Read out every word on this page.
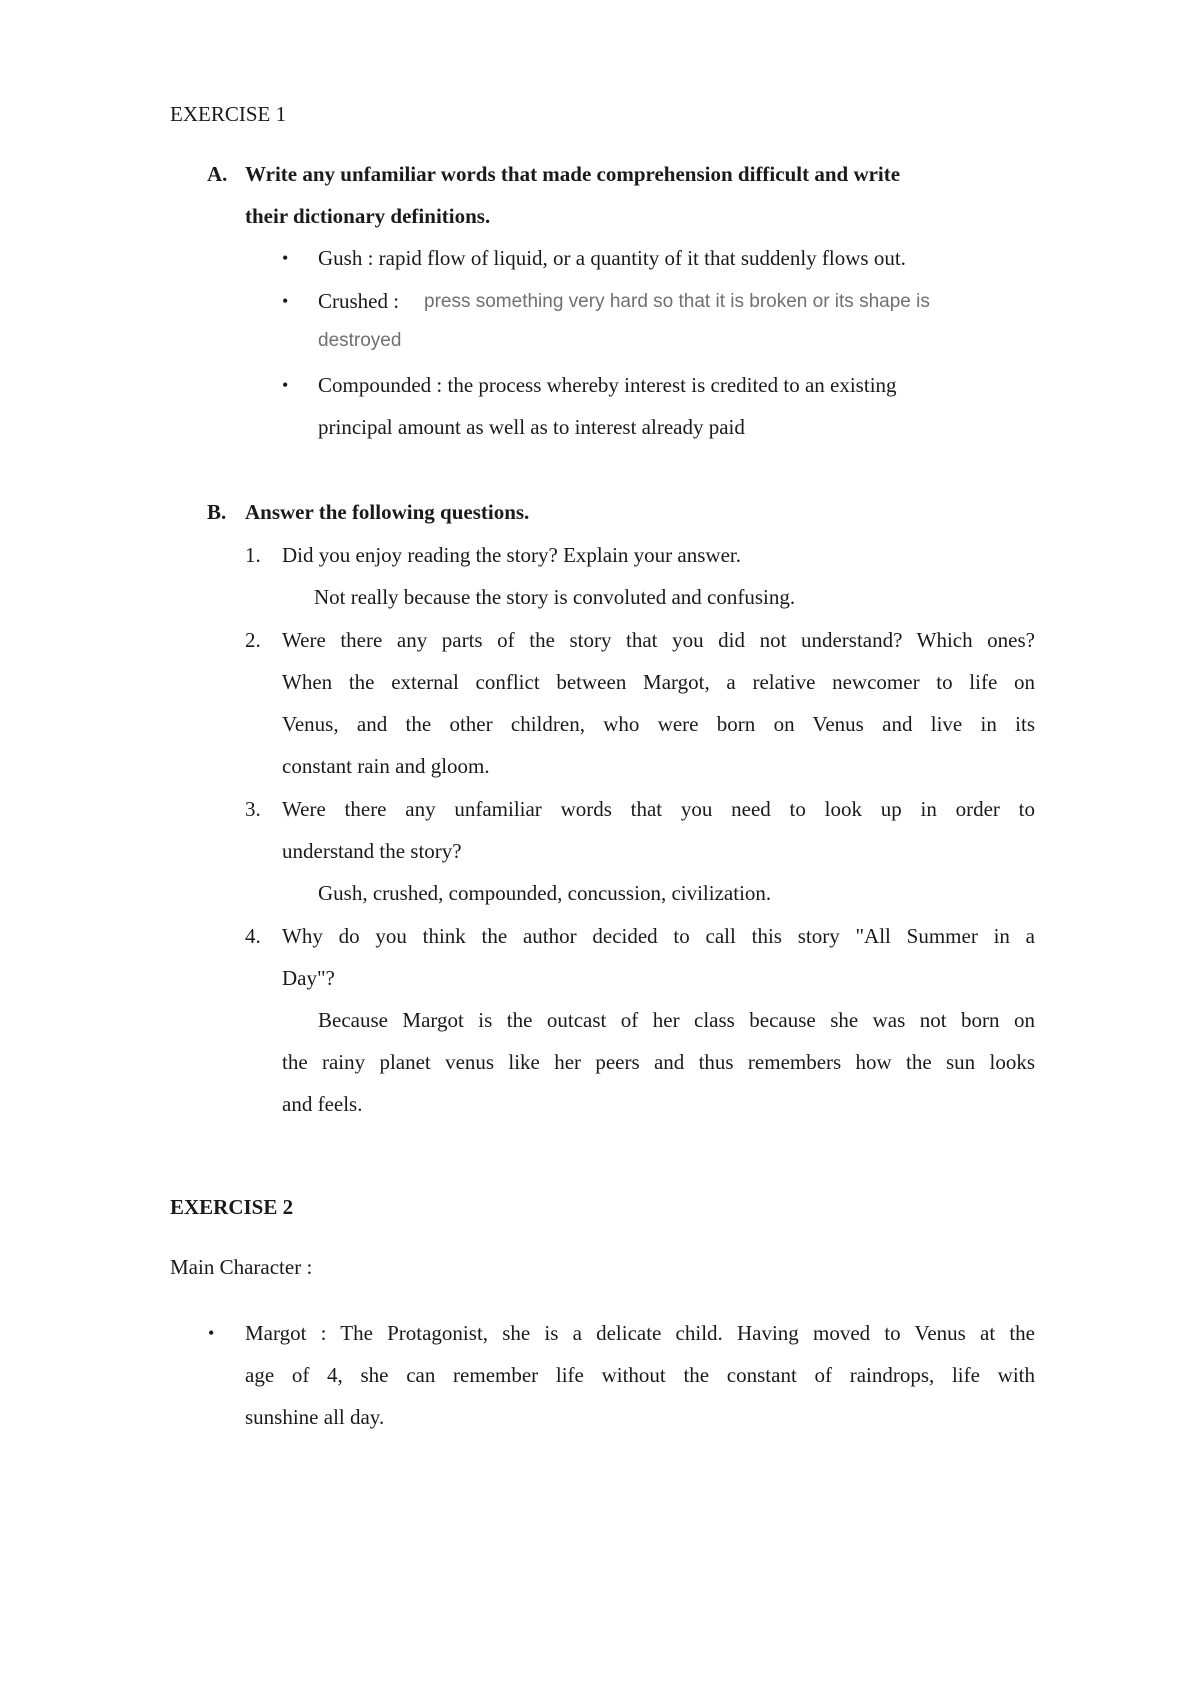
EXERCISE 1
A. Write any unfamiliar words that made comprehension difficult and write
their dictionary definitions.
• Gush : rapid flow of liquid, or a quantity of it that suddenly flows out.
• Crushed : press something very hard so that it is broken or its shape is
destroyed
• Compounded : the process whereby interest is credited to an existing
principal amount as well as to interest already paid
B. Answer the following questions.
1. Did you enjoy reading the story? Explain your answer.
Not really because the story is convoluted and confusing.
2. Were there any parts of the story that you did not understand? Which ones?
When the external conflict between Margot, a relative newcomer to life on
Venus, and the other children, who were born on Venus and live in its
constant rain and gloom.
3. Were there any unfamiliar words that you need to look up in order to
understand the story?
Gush, crushed, compounded, concussion, civilization.
4. Why do you think the author decided to call this story "All Summer in a
Day"?
Because Margot is the outcast of her class because she was not born on
the rainy planet venus like her peers and thus remembers how the sun looks
and feels.
EXERCISE 2
Main Character :
• Margot : The Protagonist, she is a delicate child. Having moved to Venus at the
age of 4, she can remember life without the constant of raindrops, life with
sunshine all day.
